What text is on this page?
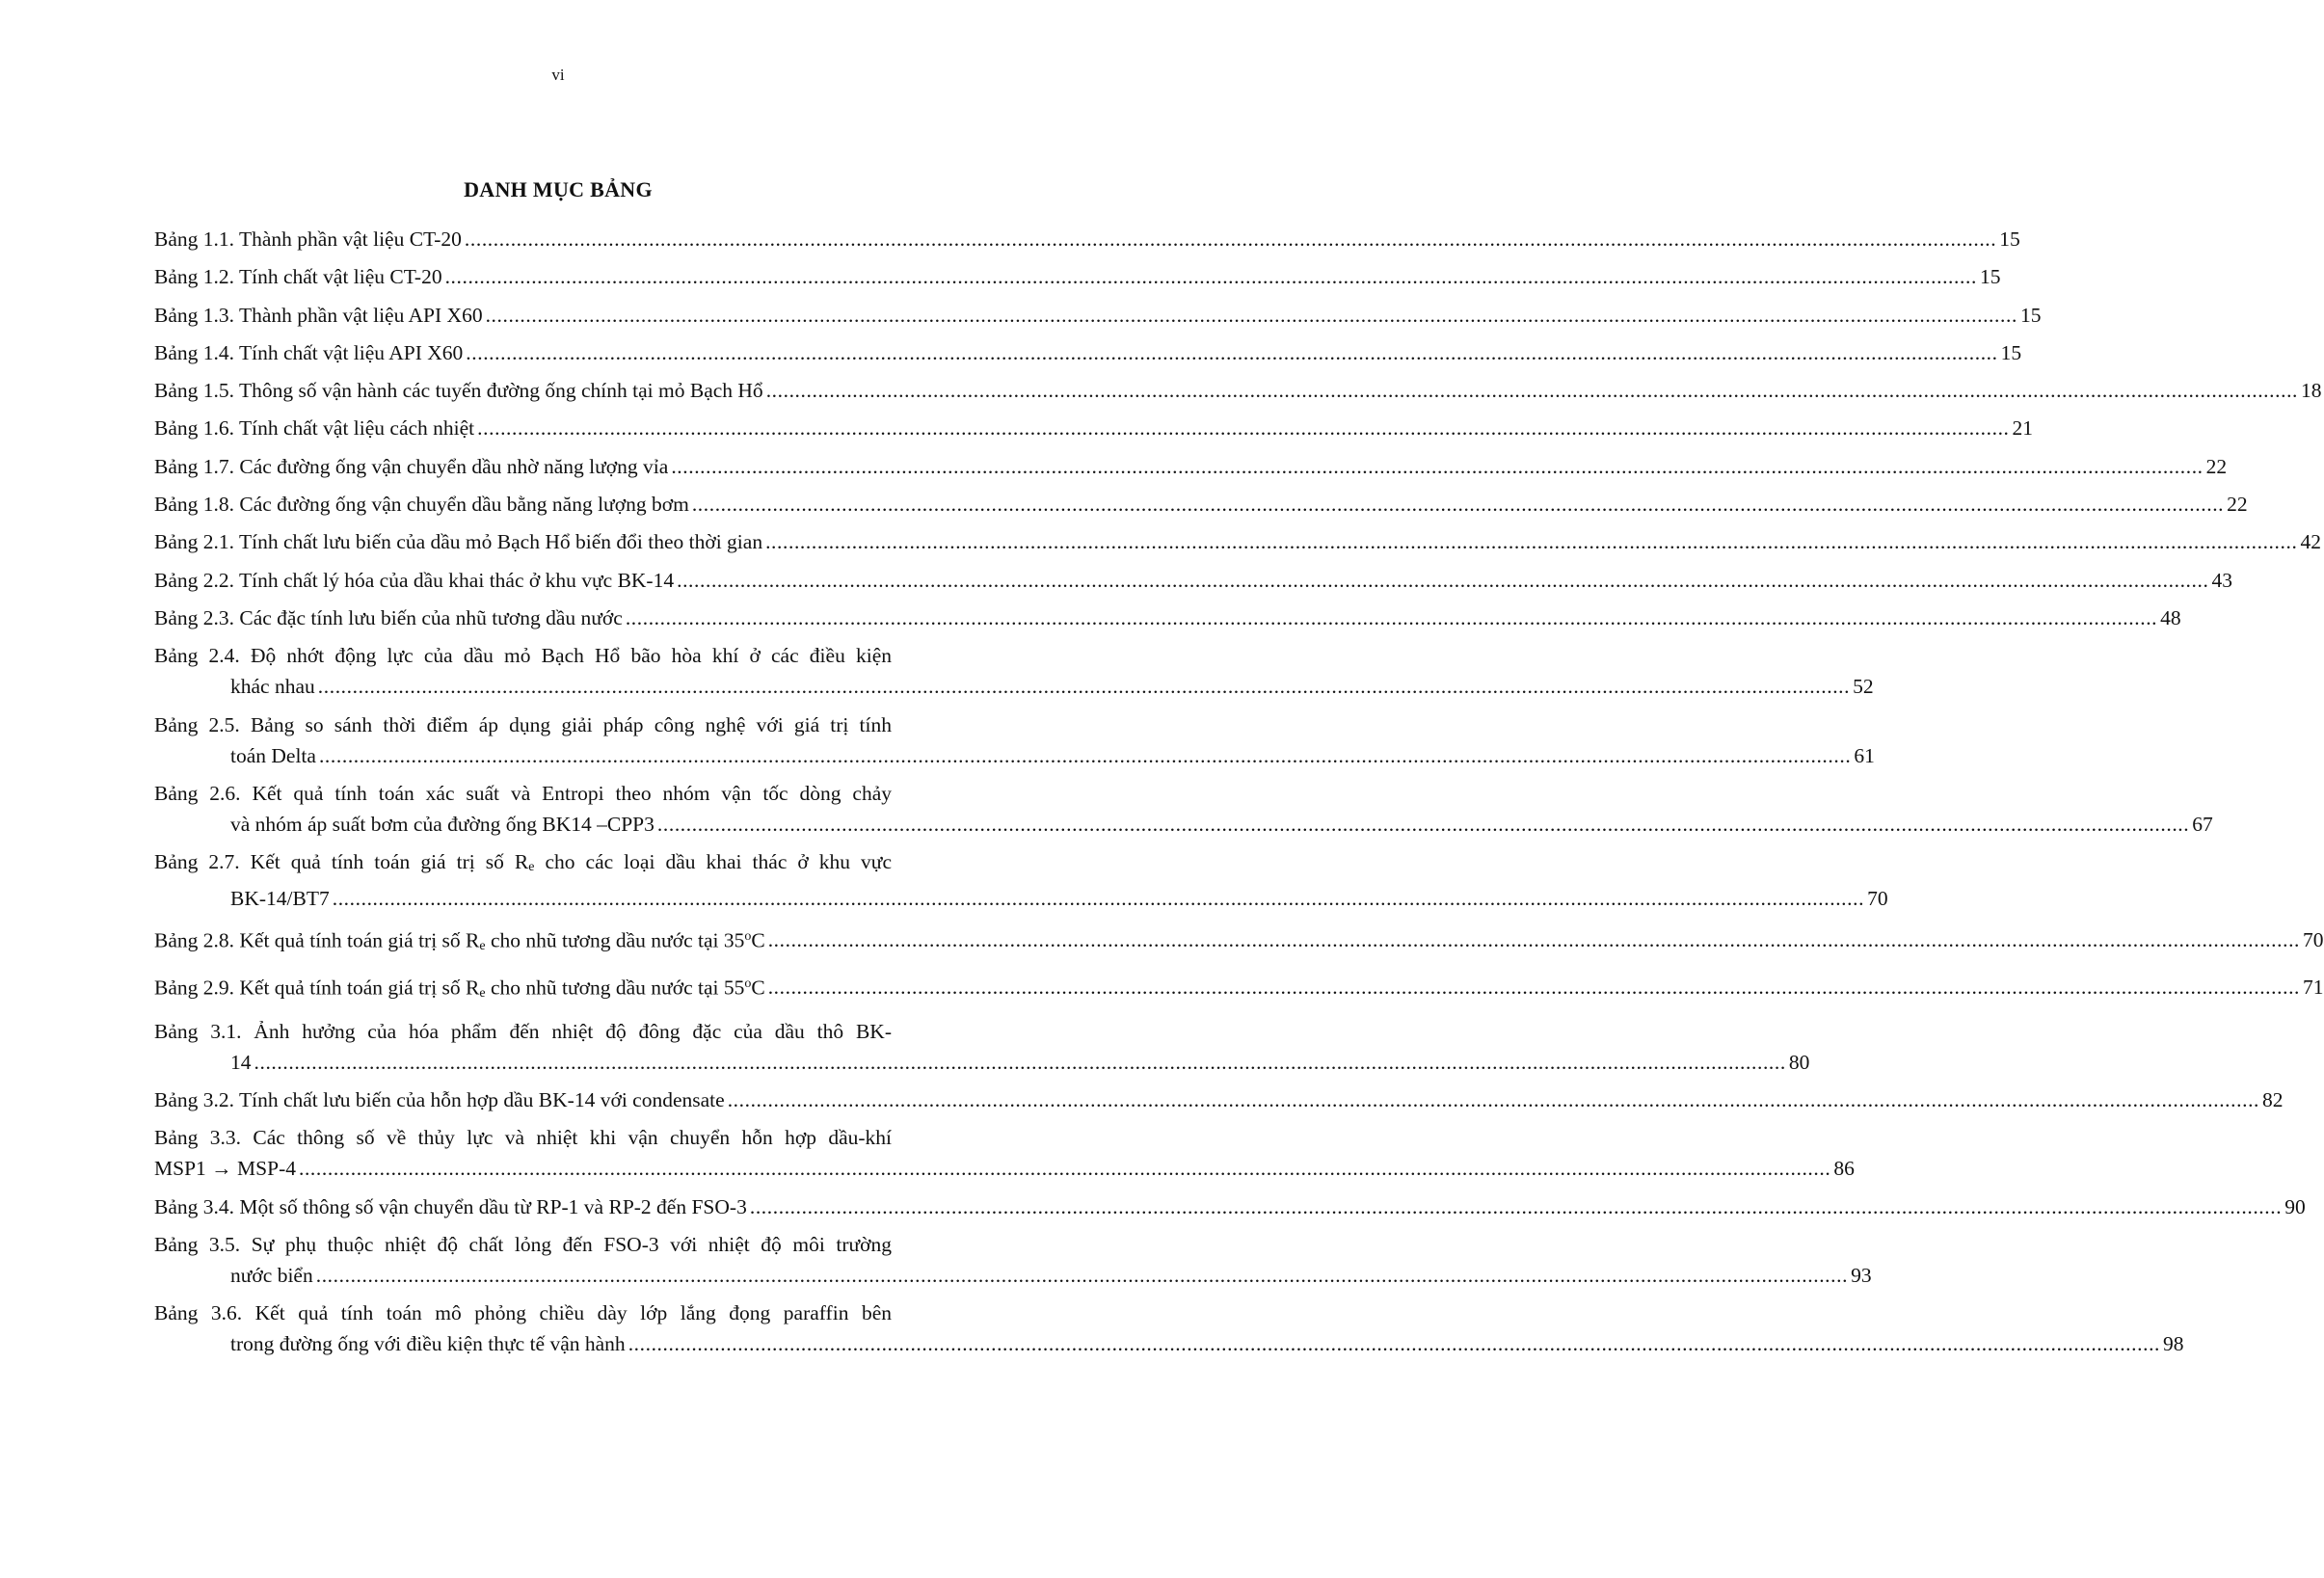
vi
DANH MỤC BẢNG
Bảng 1.1. Thành phần vật liệu CT-20 .....	15
Bảng 1.2. Tính chất vật liệu CT-20 .....	15
Bảng 1.3. Thành phần vật liệu API X60 .....	15
Bảng 1.4. Tính chất vật liệu API X60 .....	15
Bảng 1.5. Thông số vận hành các tuyến đường ống chính tại mỏ Bạch Hổ .....	18
Bảng 1.6. Tính chất vật liệu cách nhiệt .....	21
Bảng 1.7. Các đường ống vận chuyển dầu nhờ năng lượng vỉa .....	22
Bảng 1.8. Các đường ống vận chuyển dầu bằng năng lượng bơm .....	22
Bảng 2.1. Tính chất lưu biến của dầu mỏ Bạch Hổ biến đổi theo thời gian .....	42
Bảng 2.2. Tính chất lý hóa của dầu khai thác ở khu vực BK-14 .....	43
Bảng 2.3. Các đặc tính lưu biến của nhũ tương dầu nước .....	48
Bảng 2.4. Độ nhớt động lực của dầu mỏ Bạch Hổ bão hòa khí ở các điều kiện
khác nhau .....	52
Bảng 2.5. Bảng so sánh thời điểm áp dụng giải pháp công nghệ với giá trị tính
toán Delta .....	61
Bảng 2.6. Kết quả tính toán xác suất và Entropi theo nhóm vận tốc dòng chảy
và nhóm áp suất bơm của đường ống BK14 –CPP3 .....	67
Bảng 2.7. Kết quả tính toán giá trị số $R_e$ cho các loại dầu khai thác ở khu vực
BK-14/BT7 .....	70
Bảng 2.8. Kết quả tính toán giá trị số $R_e$ cho nhũ tương dầu nước tại 35$^o$C .....	70
Bảng 2.9. Kết quả tính toán giá trị số $R_e$ cho nhũ tương dầu nước tại 55$^o$C .....	71
Bảng 3.1. Ảnh hưởng của hóa phẩm đến nhiệt độ đông đặc của dầu thô BK-
14 .....	80
Bảng 3.2. Tính chất lưu biến của hỗn hợp dầu BK-14 với condensate .....	82
Bảng 3.3. Các thông số về thủy lực và nhiệt khi vận chuyển hỗn hợp dầu-khí
MSP1 → MSP-4 .....	86
Bảng 3.4. Một số thông số vận chuyển dầu từ RP-1 và RP-2 đến FSO-3 .....	90
Bảng 3.5. Sự phụ thuộc nhiệt độ chất lỏng đến FSO-3 với nhiệt độ môi trường
nước biển .....	93
Bảng 3.6. Kết quả tính toán mô phỏng chiều dày lớp lắng đọng paraffin bên
trong đường ống với điều kiện thực tế vận hành .....	98
